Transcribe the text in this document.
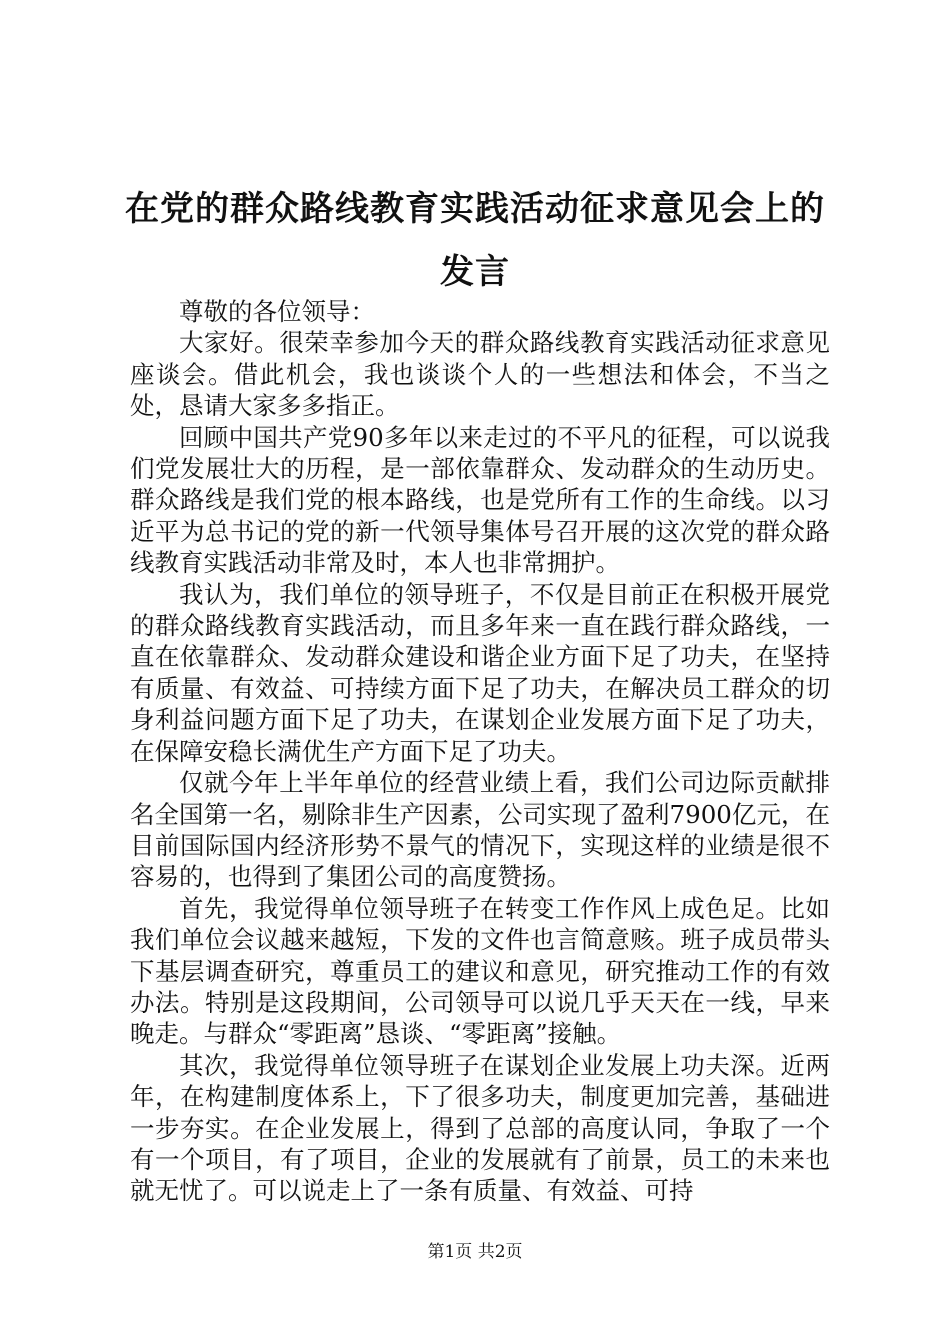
在党的群众路线教育实践活动征求意见会上的
发言

尊敬的各位领导：

大家好。很荣幸参加今天的群众路线教育实践活动征求意见座谈会。借此机会，我也谈谈个人的一些想法和体会，不当之处，恳请大家多多指正。

回顾中国共产党90多年以来走过的不平凡的征程，可以说我们党发展壮大的历程，是一部依靠群众、发动群众的生动历史。群众路线是我们党的根本路线，也是党所有工作的生命线。以习近平为总书记的党的新一代领导集体号召开展的这次党的群众路线教育实践活动非常及时，本人也非常拥护。

我认为，我们单位的领导班子，不仅是目前正在积极开展党的群众路线教育实践活动，而且多年来一直在践行群众路线，一直在依靠群众、发动群众建设和谐企业方面下足了功夫，在坚持有质量、有效益、可持续方面下足了功夫，在解决员工群众的切身利益问题方面下足了功夫，在谋划企业发展方面下足了功夫，在保障安稳长满优生产方面下足了功夫。

仅就今年上半年单位的经营业绩上看，我们公司边际贡献排名全国第一名，剔除非生产因素，公司实现了盈利7900亿元，在目前国际国内经济形势不景气的情况下，实现这样的业绩是很不容易的，也得到了集团公司的高度赞扬。

首先，我觉得单位领导班子在转变工作作风上成色足。比如我们单位会议越来越短，下发的文件也言简意赅。班子成员带头下基层调查研究，尊重员工的建议和意见，研究推动工作的有效办法。特别是这段期间，公司领导可以说几乎天天在一线，早来晚走。与群众“零距离”恳谈、“零距离”接触。

其次，我觉得单位领导班子在谋划企业发展上功夫深。近两年，在构建制度体系上，下了很多功夫，制度更加完善，基础进一步夯实。在企业发展上，得到了总部的高度认同，争取了一个有一个项目，有了项目，企业的发展就有了前景，员工的未来也就无忧了。可以说走上了一条有质量、有效益、可持

第1页 共2页
